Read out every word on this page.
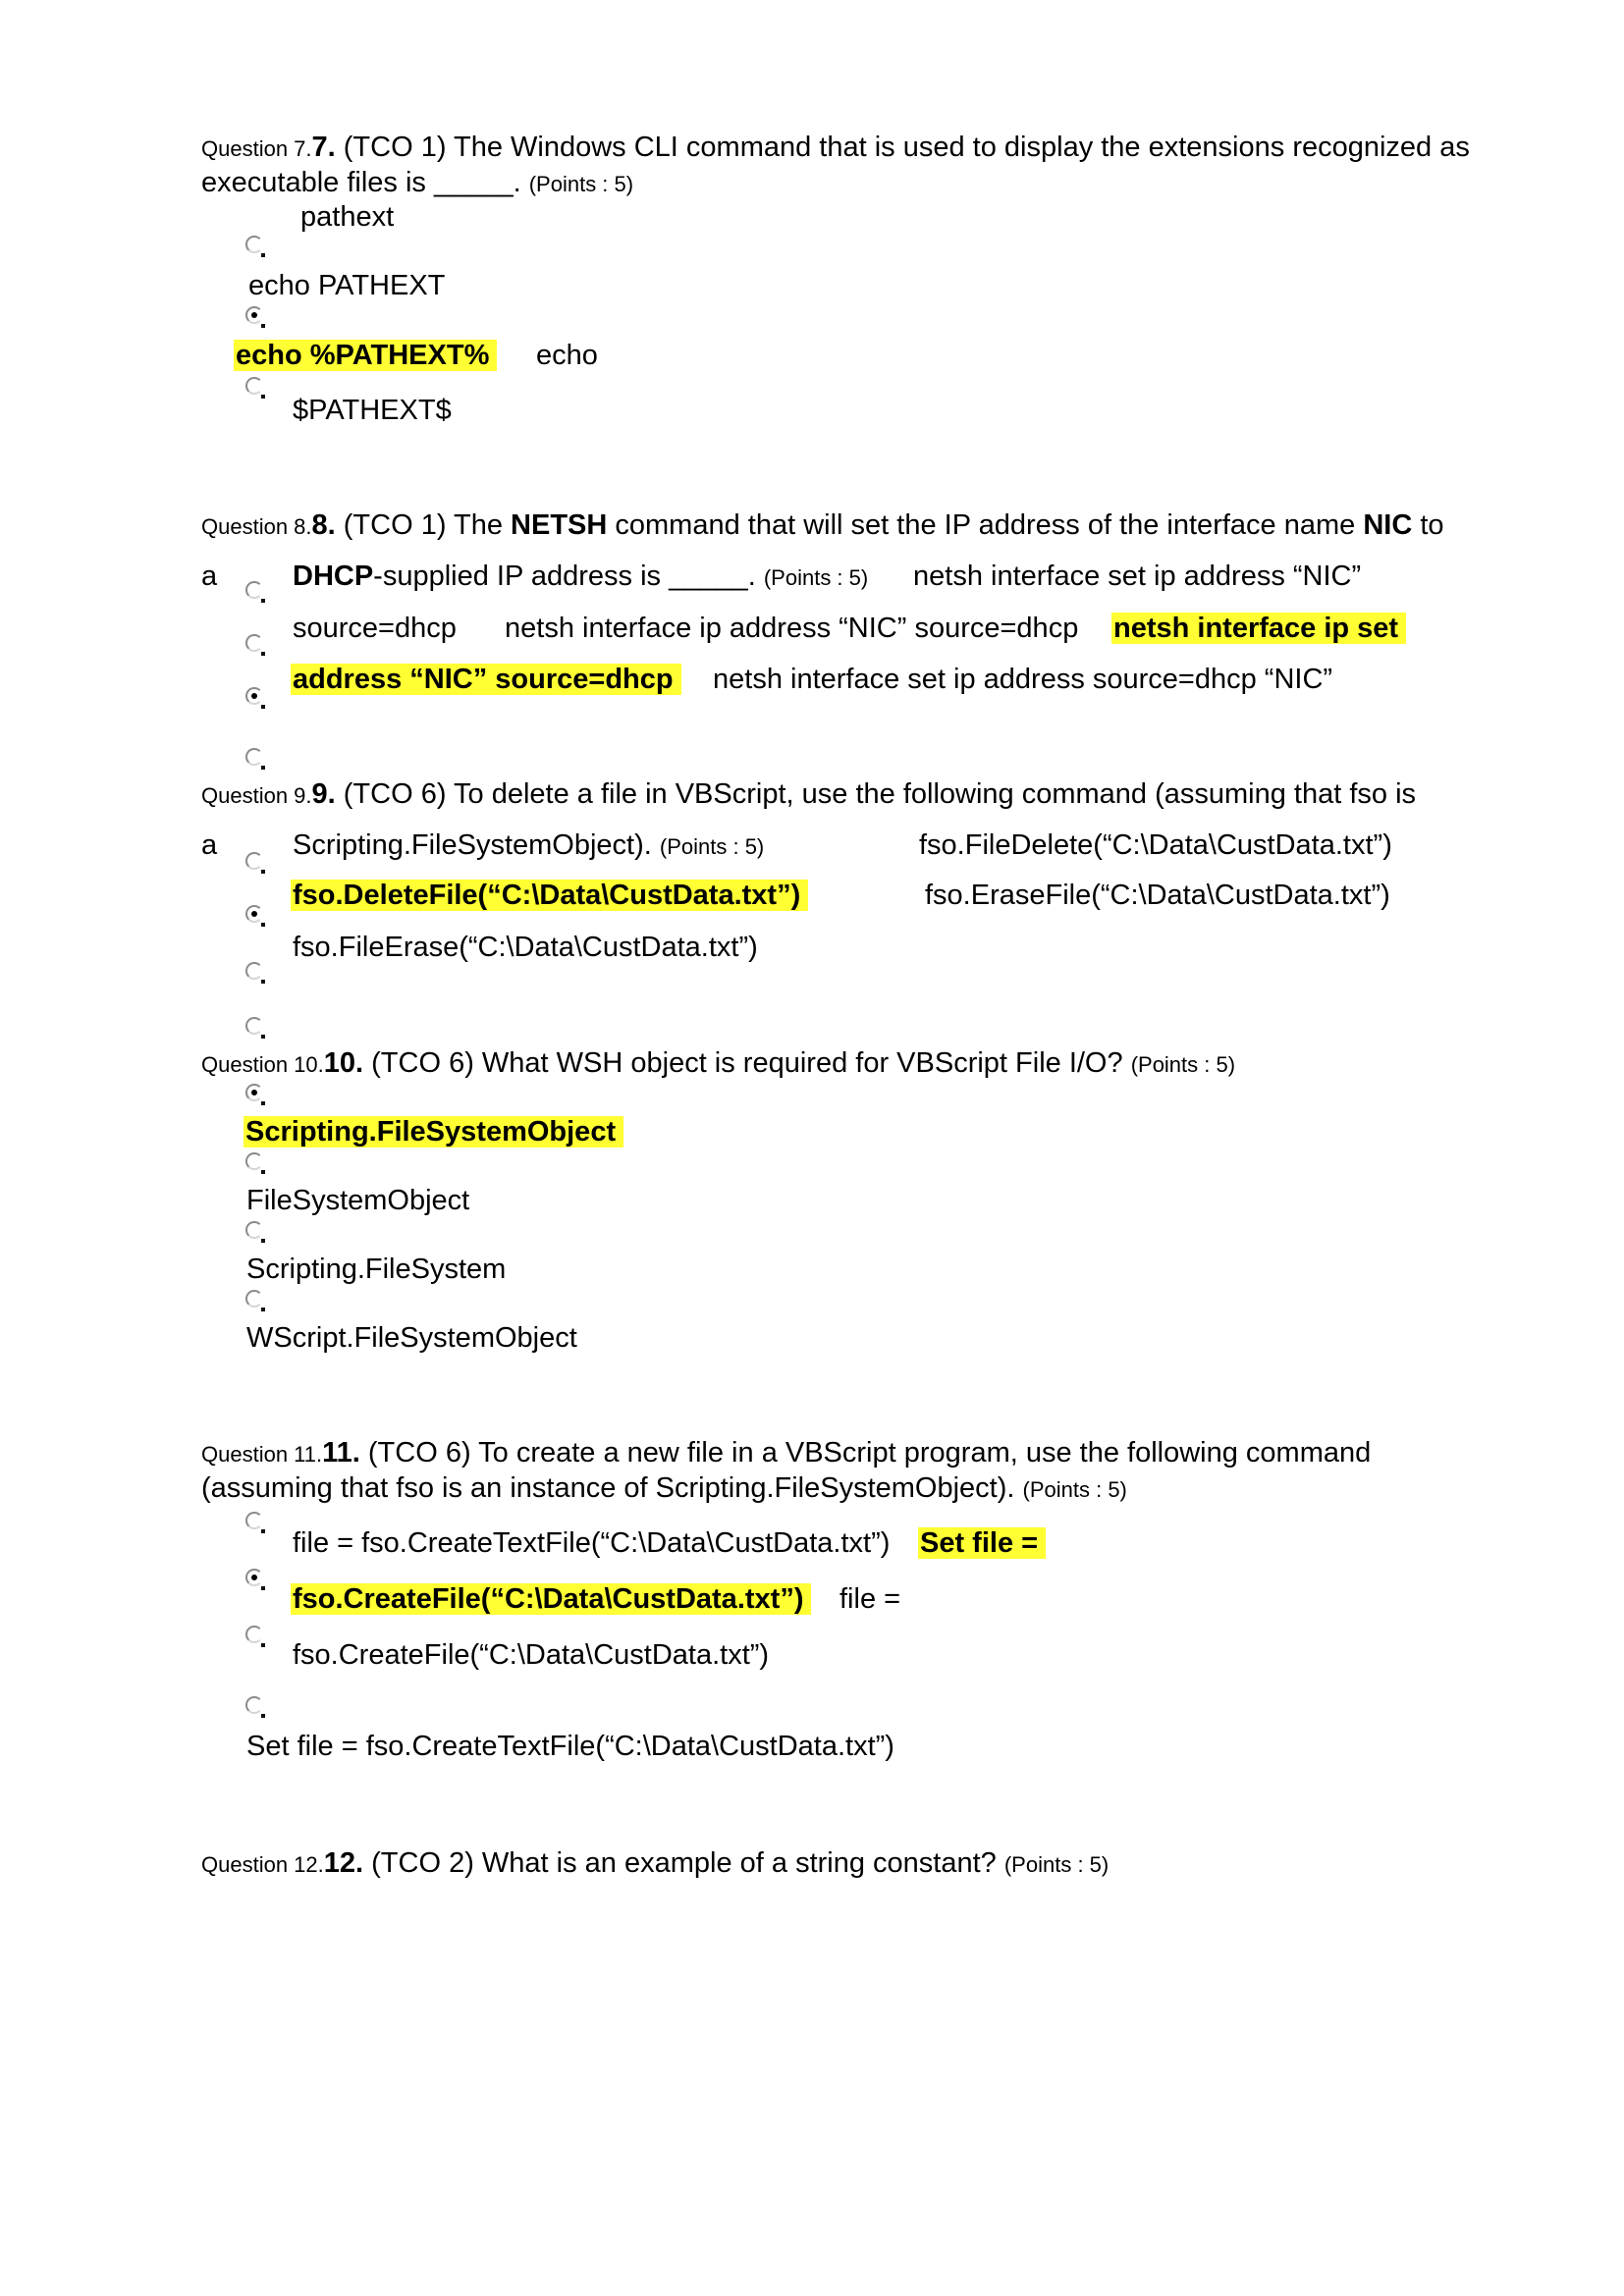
Question 7.7. (TCO 1) The Windows CLI command that is used to display the extensions recognized as
executable files is _____. (Points : 5)
pathext
echo PATHEXT
echo %PATHEXT% echo
$PATHEXT$
Question 8.8. (TCO 1) The NETSH command that will set the IP address of the interface name NIC to
a	DHCP-supplied IP address is _____. (Points : 5) netsh interface set ip address “NIC”
source=dhcp netsh interface ip address “NIC” source=dhcp netsh interface ip set
address “NIC” source=dhcp netsh interface set ip address source=dhcp “NIC”
Question 9.9. (TCO 6) To delete a file in VBScript, use the following command (assuming that fso is
a	Scripting.FileSystemObject). (Points : 5)	fso.FileDelete(“C:\Data\CustData.txt”)
fso.DeleteFile(“C:\Data\CustData.txt”)	fso.EraseFile(“C:\Data\CustData.txt”)
fso.FileErase(“C:\Data\CustData.txt”)
Question 10.10. (TCO 6) What WSH object is required for VBScript File I/O? (Points : 5)
Scripting.FileSystemObject
FileSystemObject
Scripting.FileSystem
WScript.FileSystemObject
Question 11.11. (TCO 6) To create a new file in a VBScript program, use the following command
(assuming that fso is an instance of Scripting.FileSystemObject). (Points : 5)
file = fso.CreateTextFile(“C:\Data\CustData.txt”) Set file =
fso.CreateFile(“C:\Data\CustData.txt”) file =
fso.CreateFile(“C:\Data\CustData.txt”)
Set file = fso.CreateTextFile(“C:\Data\CustData.txt”)
Question 12.12. (TCO 2) What is an example of a string constant? (Points : 5)
